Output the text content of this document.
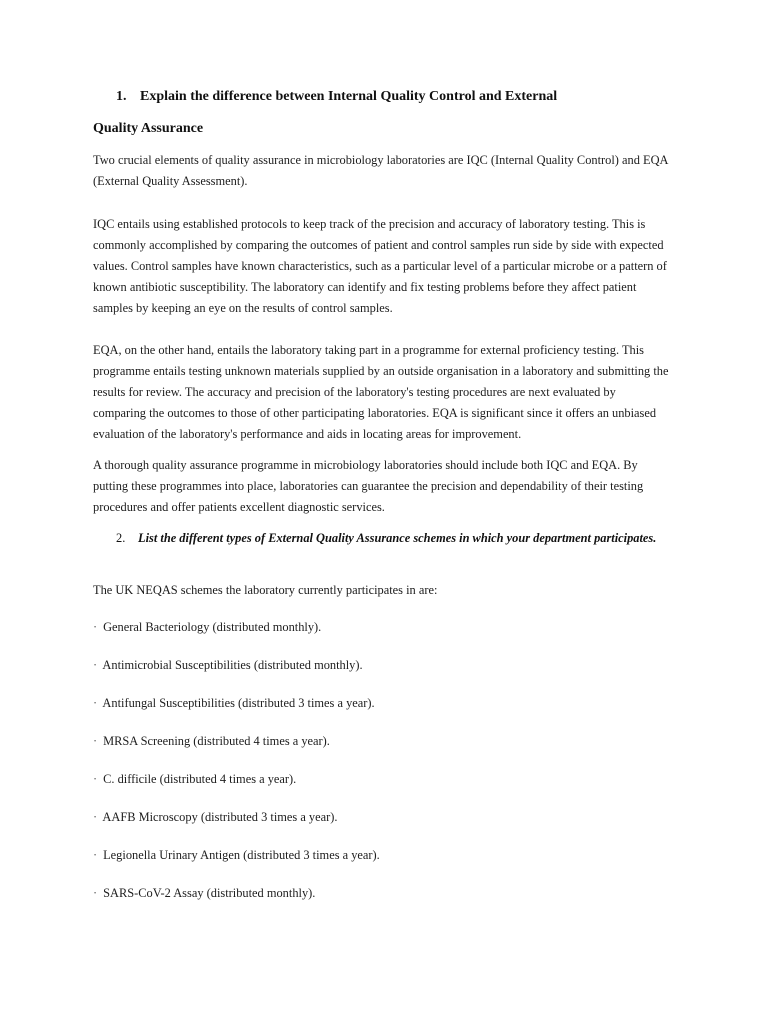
1. Explain the difference between Internal Quality Control and External
Quality Assurance
Two crucial elements of quality assurance in microbiology laboratories are IQC (Internal Quality Control) and EQA (External Quality Assessment).
IQC entails using established protocols to keep track of the precision and accuracy of laboratory testing. This is commonly accomplished by comparing the outcomes of patient and control samples run side by side with expected values. Control samples have known characteristics, such as a particular level of a particular microbe or a pattern of known antibiotic susceptibility. The laboratory can identify and fix testing problems before they affect patient samples by keeping an eye on the results of control samples.
EQA, on the other hand, entails the laboratory taking part in a programme for external proficiency testing. This programme entails testing unknown materials supplied by an outside organisation in a laboratory and submitting the results for review. The accuracy and precision of the laboratory's testing procedures are next evaluated by comparing the outcomes to those of other participating laboratories. EQA is significant since it offers an unbiased evaluation of the laboratory's performance and aids in locating areas for improvement.
A thorough quality assurance programme in microbiology laboratories should include both IQC and EQA. By putting these programmes into place, laboratories can guarantee the precision and dependability of their testing procedures and offer patients excellent diagnostic services.
2.	List the different types of External Quality Assurance schemes in which your department participates.
The UK NEQAS schemes the laboratory currently participates in are:
· General Bacteriology (distributed monthly).
· Antimicrobial Susceptibilities (distributed monthly).
· Antifungal Susceptibilities (distributed 3 times a year).
· MRSA Screening (distributed 4 times a year).
· C. difficile (distributed 4 times a year).
· AAFB Microscopy (distributed 3 times a year).
· Legionella Urinary Antigen (distributed 3 times a year).
· SARS-CoV-2 Assay (distributed monthly).
